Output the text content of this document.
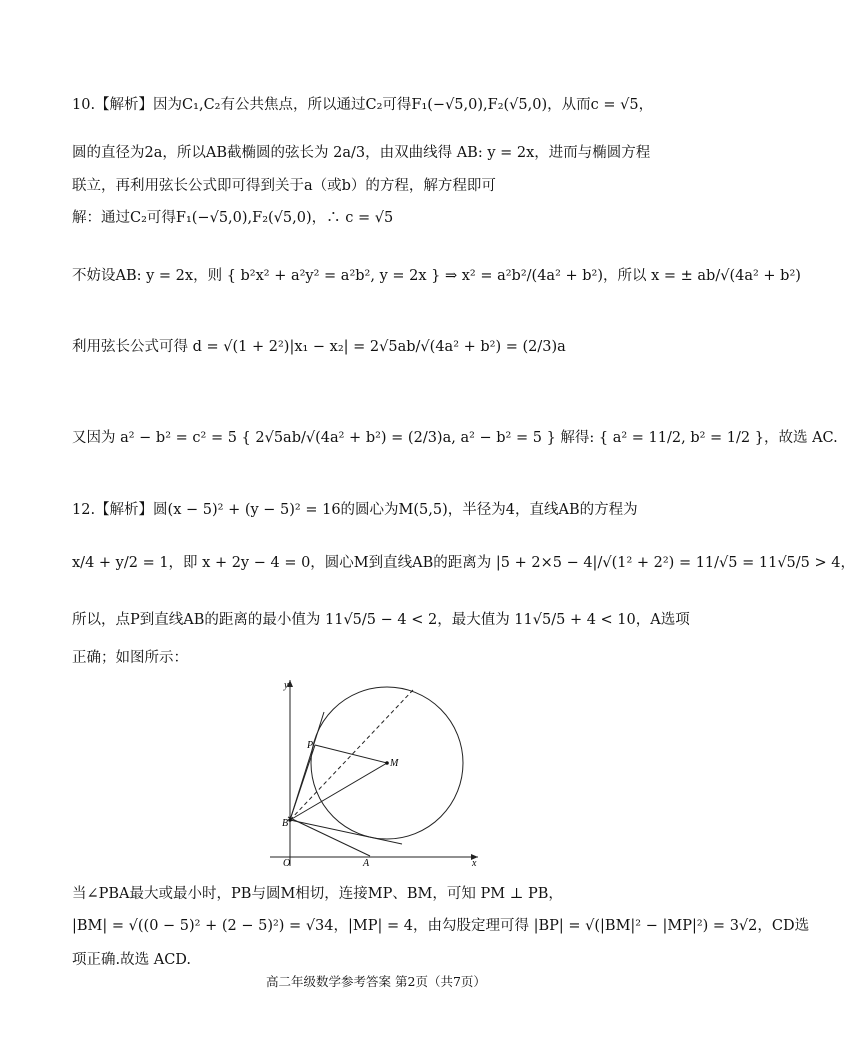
10.【解析】因为C₁,C₂有公共焦点，所以通过C₂可得F₁(−√5,0),F₂(√5,0)，从而c = √5，
圆的直径为2a，所以AB截椭圆的弦长为 2a/3，由双曲线得 AB: y = 2x，进而与椭圆方程
联立，再利用弦长公式即可得到关于a（或b）的方程，解方程即可
解：通过C₂可得F₁(−√5,0),F₂(√5,0)，∴ c = √5
不妨设AB: y = 2x，则 { b²x² + a²y² = a²b², y = 2x } ⇒ x² = a²b²/(4a² + b²)，所以 x = ± ab/√(4a² + b²)
利用弦长公式可得 d = √(1 + 2²)|x₁ − x₂| = 2√5ab/√(4a² + b²) = (2/3)a
又因为 a² − b² = c² = 5 { 2√5ab/√(4a² + b²) = (2/3)a, a² − b² = 5 } 解得: { a² = 11/2, b² = 1/2 }，故选 AC.
12.【解析】圆(x − 5)² + (y − 5)² = 16的圆心为M(5,5)，半径为4，直线AB的方程为
x/4 + y/2 = 1，即 x + 2y − 4 = 0，圆心M到直线AB的距离为 |5 + 2×5 − 4|/√(1² + 2²) = 11/√5 = 11√5/5 > 4，
所以，点P到直线AB的距离的最小值为 11√5/5 − 4 < 2，最大值为 11√5/5 + 4 < 10，A选项
正确；如图所示：
y
x
O	A
B
P
M
当∠PBA最大或最小时，PB与圆M相切，连接MP、BM，可知 PM ⊥ PB，
|BM| = √((0 − 5)² + (2 − 5)²) = √34，|MP| = 4，由勾股定理可得 |BP| = √(|BM|² − |MP|²) = 3√2，CD选
项正确.故选 ACD.
高二年级数学参考答案 第2页（共7页）
